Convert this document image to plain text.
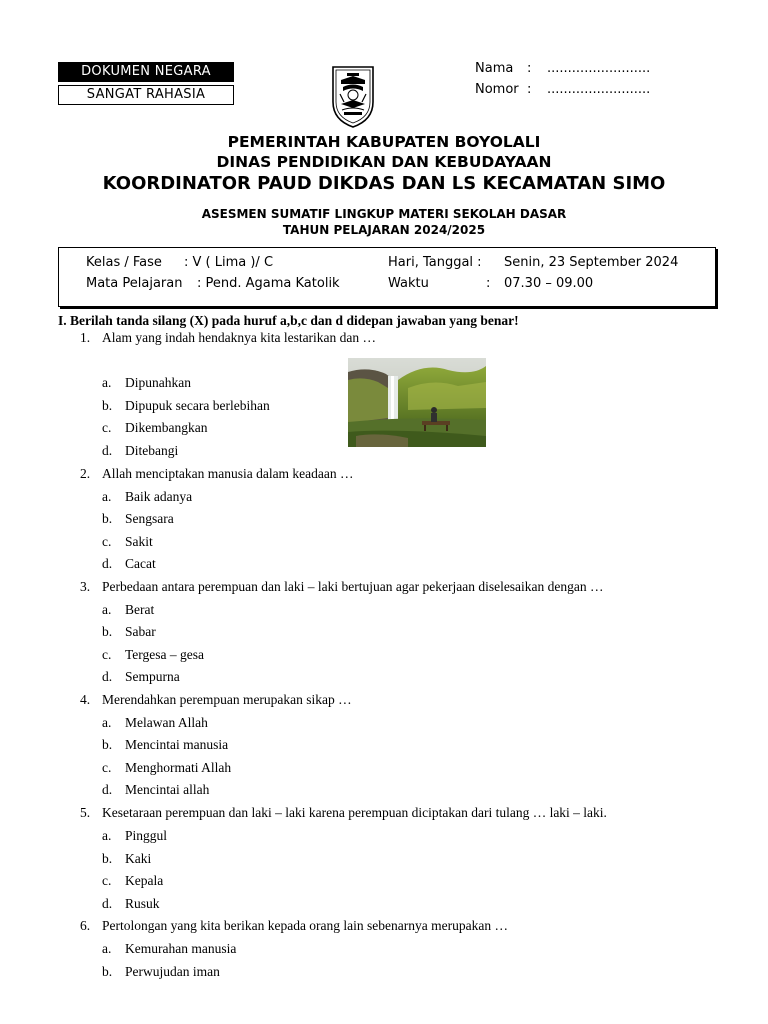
DOKUMEN NEGARA
SANGAT RAHASIA
Nama : .........................
Nomor : .........................
PEMERINTAH KABUPATEN BOYOLALI
DINAS PENDIDIKAN DAN KEBUDAYAAN
KOORDINATOR PAUD DIKDAS DAN LS KECAMATAN SIMO
ASESMEN SUMATIF LINGKUP MATERI SEKOLAH DASAR
TAHUN PELAJARAN 2024/2025
Kelas / Fase : V ( Lima )/ C
Mata Pelajaran : Pend. Agama Katolik
Hari, Tanggal : Senin, 23 September 2024
Waktu	: 07.30 – 09.00
I. Berilah tanda silang (X) pada huruf a,b,c dan d didepan jawaban yang benar!
1. Alam yang indah hendaknya kita lestarikan dan …
a. Dipunahkan
b. Dipupuk secara berlebihan
c. Dikembangkan
d. Ditebangi
2. Allah menciptakan manusia dalam keadaan …
a. Baik adanya
b. Sengsara
c. Sakit
d. Cacat
3. Perbedaan antara perempuan dan laki – laki bertujuan agar pekerjaan diselesaikan dengan …
a. Berat
b. Sabar
c. Tergesa – gesa
d. Sempurna
4. Merendahkan perempuan merupakan sikap …
a. Melawan Allah
b. Mencintai manusia
c. Menghormati Allah
d. Mencintai allah
5. Kesetaraan perempuan dan laki – laki karena perempuan diciptakan dari tulang … laki – laki.
a. Pinggul
b. Kaki
c. Kepala
d. Rusuk
6. Pertolongan yang kita berikan kepada orang lain sebenarnya merupakan …
a. Kemurahan manusia
b. Perwujudan iman
